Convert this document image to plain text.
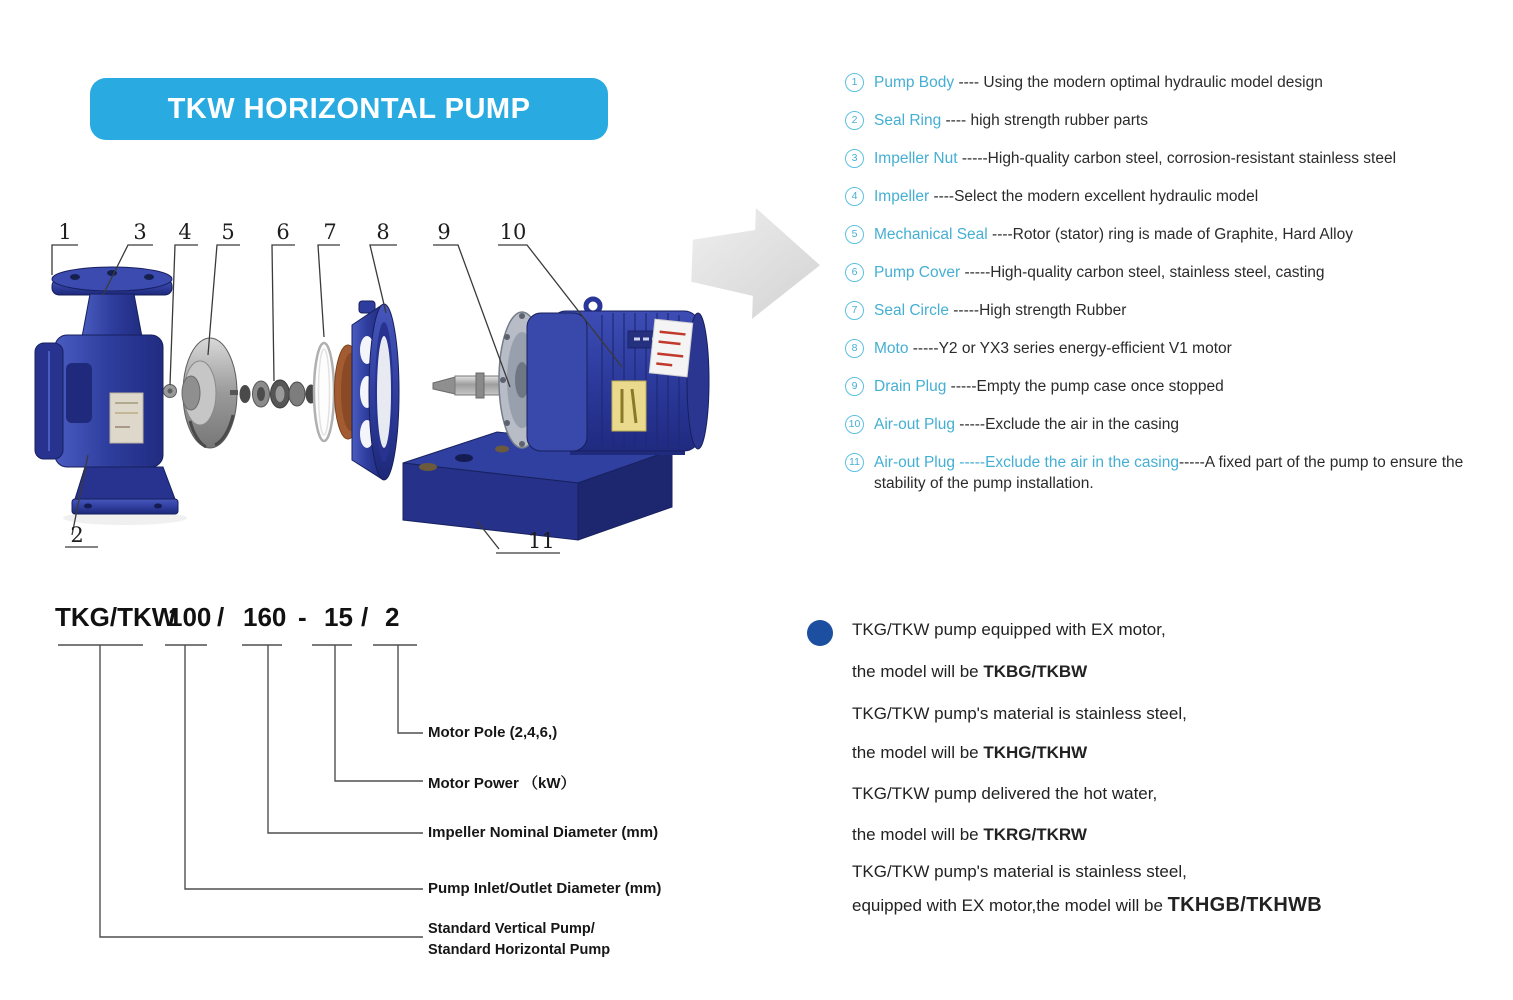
TKW HORIZONTAL PUMP
1
2
3 4 5 6 7 8 9 10
11
1	Pump Body ---- Using the modern optimal hydraulic model design
2	Seal Ring ---- high strength rubber parts
3	Impeller Nut -----High-quality carbon steel, corrosion-resistant stainless steel
4	Impeller ----Select the modern excellent hydraulic model
5	Mechanical Seal ----Rotor (stator) ring is made of Graphite, Hard Alloy
6	Pump Cover -----High-quality carbon steel, stainless steel, casting
7	Seal Circle -----High strength Rubber
8	Moto -----Y2 or YX3 series energy-efficient V1 motor
9	Drain Plug -----Empty the pump case once stopped
10 Air-out Plug -----Exclude the air in the casing
11 Air-out Plug -----Exclude the air in the casing-----A fixed part of the pump to ensure the stability of the pump installation.
TKG/TKW
100 / 160 - 15 / 2
Motor Pole (2,4,6,)
Motor Power （kW）
Impeller Nominal Diameter (mm)
Pump Inlet/Outlet Diameter (mm)
Standard Vertical Pump/
Standard Horizontal Pump
TKG/TKW pump equipped with EX motor,
the model will be TKBG/TKBW
TKG/TKW pump's material is stainless steel,
the model will be TKHG/TKHW
TKG/TKW pump delivered the hot water,
the model will be TKRG/TKRW
TKG/TKW pump's material is stainless steel,
equipped with EX motor,the model will be TKHGB/TKHWB
